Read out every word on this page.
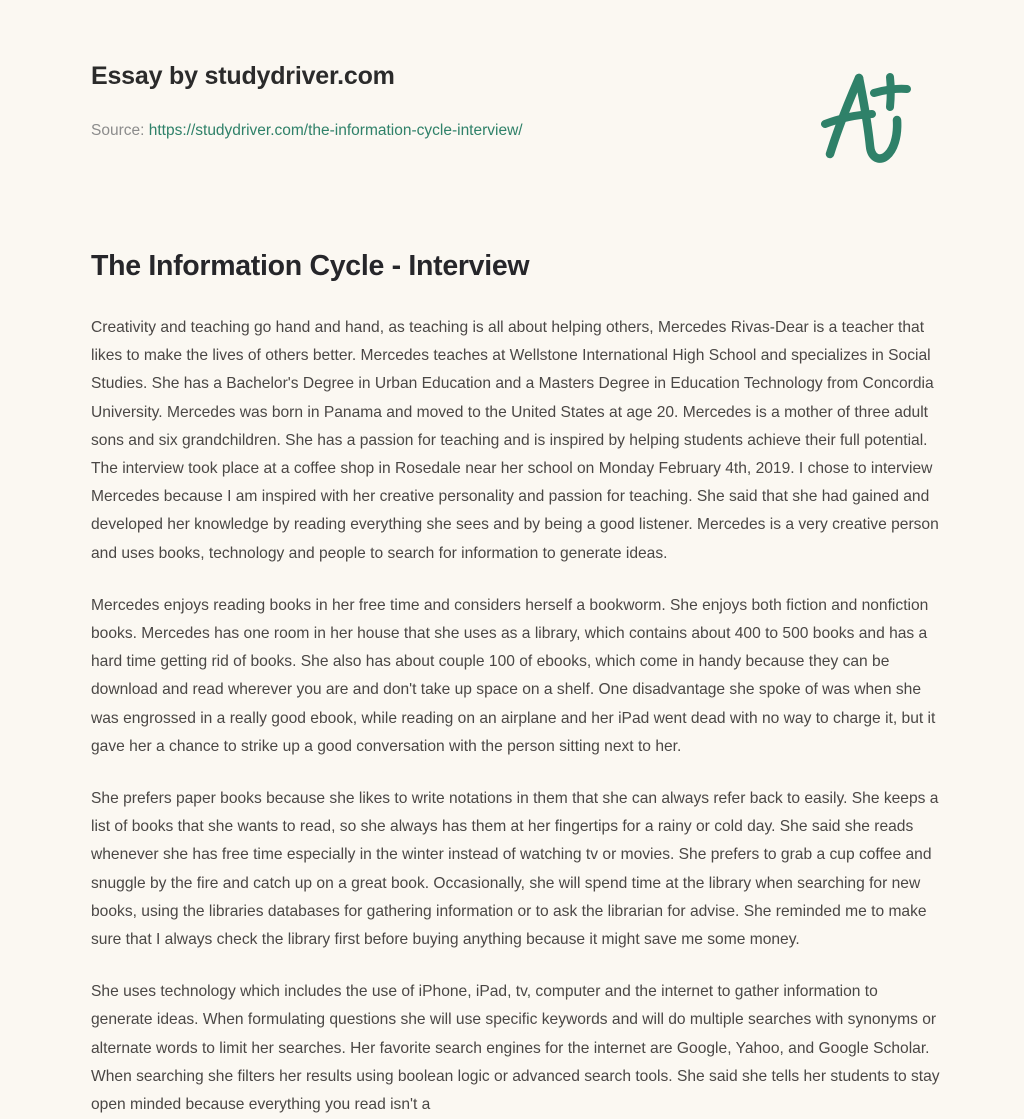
Essay by studydriver.com
Source: https://studydriver.com/the-information-cycle-interview/
The Information Cycle - Interview

Creativity and teaching go hand and hand, as teaching is all about helping others, Mercedes Rivas-Dear is a teacher that likes to make the lives of others better. Mercedes teaches at Wellstone International High School and specializes in Social Studies. She has a Bachelor's Degree in Urban Education and a Masters Degree in Education Technology from Concordia University. Mercedes was born in Panama and moved to the United States at age 20. Mercedes is a mother of three adult sons and six grandchildren. She has a passion for teaching and is inspired by helping students achieve their full potential. The interview took place at a coffee shop in Rosedale near her school on Monday February 4th, 2019. I chose to interview Mercedes because I am inspired with her creative personality and passion for teaching. She said that she had gained and developed her knowledge by reading everything she sees and by being a good listener. Mercedes is a very creative person and uses books, technology and people to search for information to generate ideas.

Mercedes enjoys reading books in her free time and considers herself a bookworm. She enjoys both fiction and nonfiction books. Mercedes has one room in her house that she uses as a library, which contains about 400 to 500 books and has a hard time getting rid of books. She also has about couple 100 of ebooks, which come in handy because they can be download and read wherever you are and don't take up space on a shelf. One disadvantage she spoke of was when she was engrossed in a really good ebook, while reading on an airplane and her iPad went dead with no way to charge it, but it gave her a chance to strike up a good conversation with the person sitting next to her.

She prefers paper books because she likes to write notations in them that she can always refer back to easily. She keeps a list of books that she wants to read, so she always has them at her fingertips for a rainy or cold day. She said she reads whenever she has free time especially in the winter instead of watching tv or movies. She prefers to grab a cup coffee and snuggle by the fire and catch up on a great book. Occasionally, she will spend time at the library when searching for new books, using the libraries databases for gathering information or to ask the librarian for advise. She reminded me to make sure that I always check the library first before buying anything because it might save me some money.

She uses technology which includes the use of iPhone, iPad, tv, computer and the internet to gather information to generate ideas. When formulating questions she will use specific keywords and will do multiple searches with synonyms or alternate words to limit her searches. Her favorite search engines for the internet are Google, Yahoo, and Google Scholar. When searching she filters her results using boolean logic or advanced search tools. She said she tells her students to stay open minded because everything you read isn't a
